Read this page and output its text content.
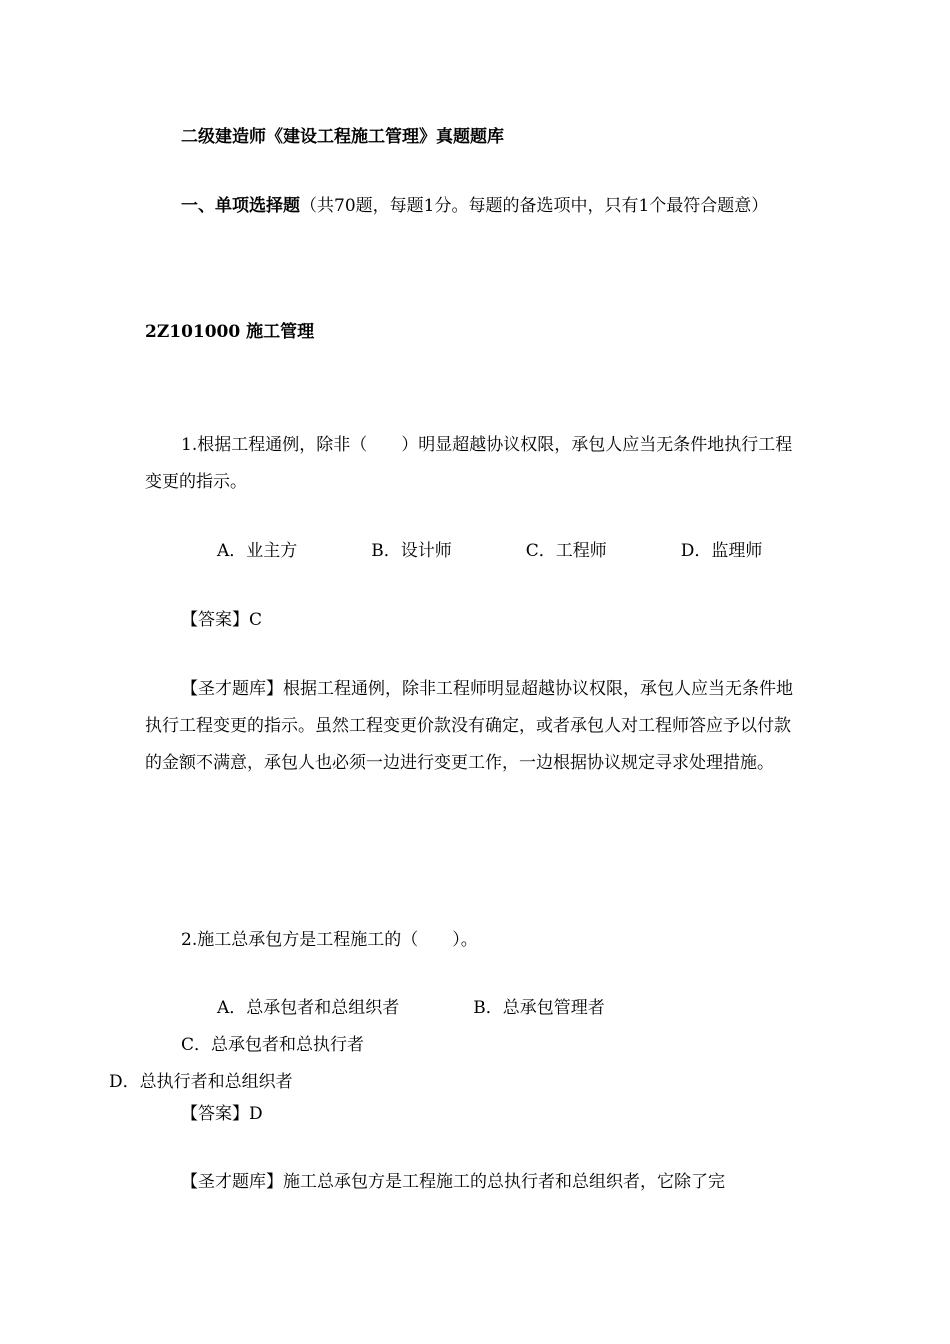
二级建造师《建设工程施工管理》真题题库

一、单项选择题（共70题，每题1分。每题的备选项中，只有1个最符合题意）

2Z101000 施工管理

1.根据工程通例，除非（　　）明显超越协议权限，承包人应当无条件地执行工程变更的指示。

A．业主方	B．设计师	C．工程师	D．监理师

【答案】C

【圣才题库】根据工程通例，除非工程师明显超越协议权限，承包人应当无条件地执行工程变更的指示。虽然工程变更价款没有确定，或者承包人对工程师答应予以付款的金额不满意，承包人也必须一边进行变更工作，一边根据协议规定寻求处理措施。

2.施工总承包方是工程施工的（　　）。

A．总承包者和总组织者	B．总承包管理者C．总承包者和总执行者
D．总执行者和总组织者

【答案】D

【圣才题库】施工总承包方是工程施工的总执行者和总组织者，它除了完
